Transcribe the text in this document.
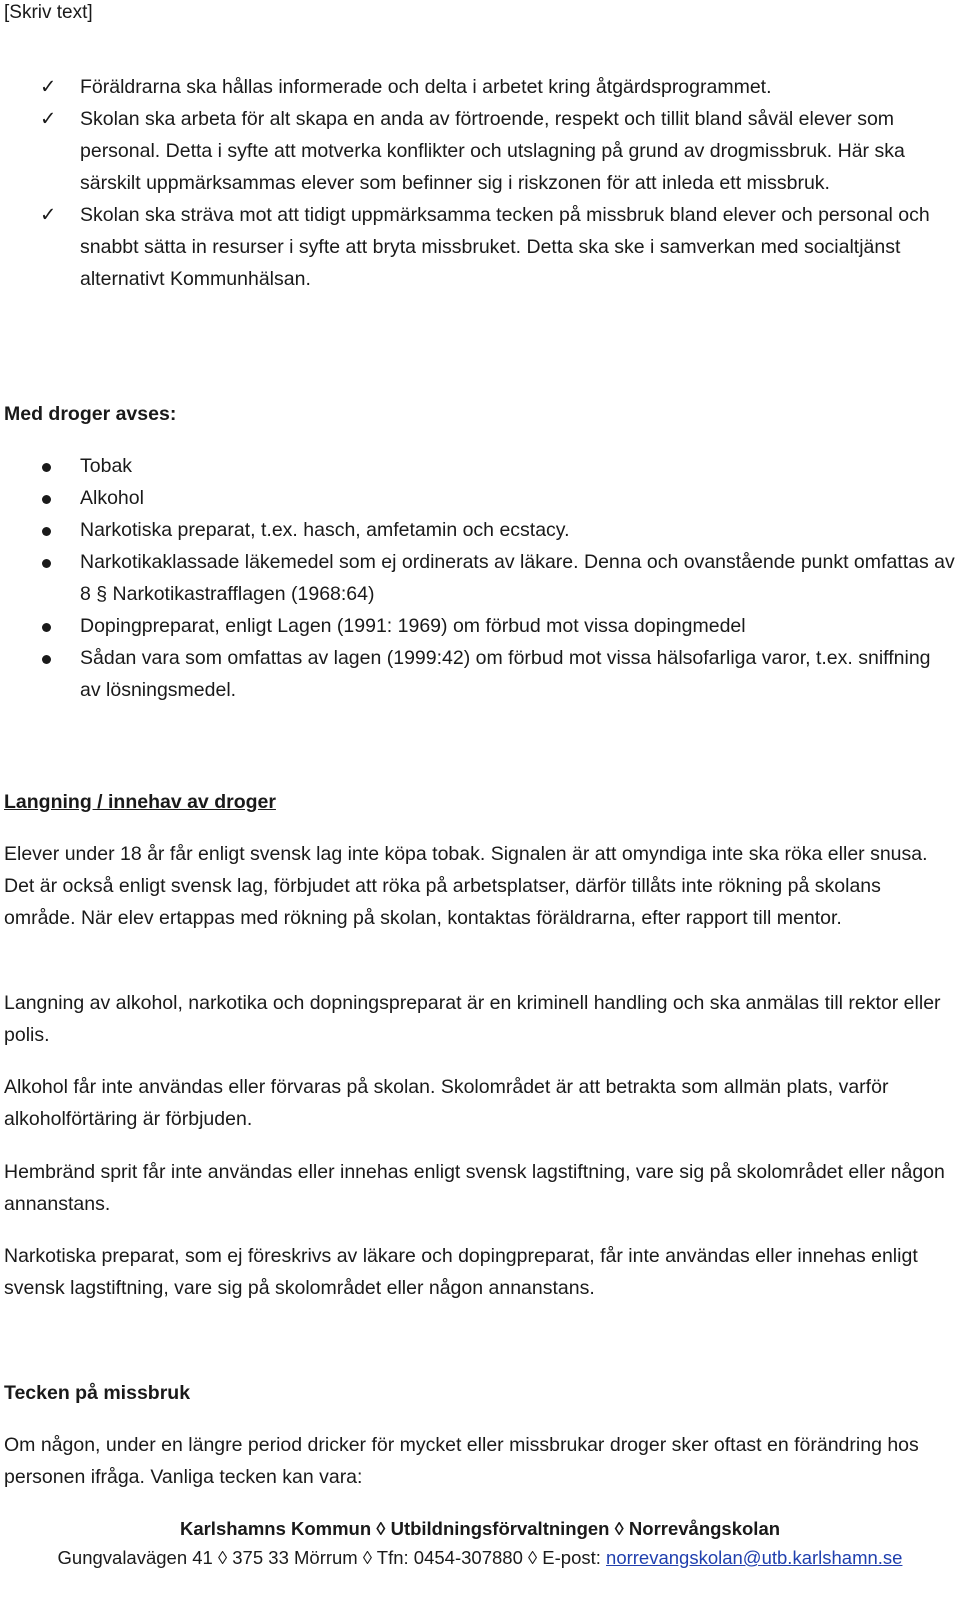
[Skriv text]
✓	Föräldrarna ska hållas informerade och delta i arbetet kring åtgärdsprogrammet.
✓	Skolan ska arbeta för alt skapa en anda av förtroende, respekt och tillit bland såväl elever som personal. Detta i syfte att motverka konflikter och utslagning på grund av drogmissbruk. Här ska särskilt uppmärksammas elever som befinner sig i riskzonen för att inleda ett missbruk.
✓	Skolan ska sträva mot att tidigt uppmärksamma tecken på missbruk bland elever och personal och snabbt sätta in resurser i syfte att bryta missbruket. Detta ska ske i samverkan med socialtjänst alternativt Kommunhälsan.
Med droger avses:
Tobak
Alkohol
Narkotiska preparat, t.ex. hasch, amfetamin och ecstacy.
Narkotikaklassade läkemedel som ej ordinerats av läkare. Denna och ovanstående punkt omfattas av 8 § Narkotikastrafflagen (1968:64)
Dopingpreparat, enligt Lagen (1991: 1969) om förbud mot vissa dopingmedel
Sådan vara som omfattas av lagen (1999:42) om förbud mot vissa hälsofarliga varor, t.ex. sniffning av lösningsmedel.
Langning / innehav av droger

Elever under 18 år får enligt svensk lag inte köpa tobak. Signalen är att omyndiga inte ska röka eller snusa. Det är också enligt svensk lag, förbjudet att röka på arbetsplatser, därför tillåts inte rökning på skolans område. När elev ertappas med rökning på skolan, kontaktas föräldrarna, efter rapport till mentor.

Langning av alkohol, narkotika och dopningspreparat är en kriminell handling och ska anmälas till rektor eller polis.

Alkohol får inte användas eller förvaras på skolan. Skolområdet är att betrakta som allmän plats, varför alkoholförtäring är förbjuden.

Hembränd sprit får inte användas eller innehas enligt svensk lagstiftning, vare sig på skolområdet eller någon annanstans.

Narkotiska preparat, som ej föreskrivs av läkare och dopingpreparat, får inte användas eller innehas enligt svensk lagstiftning, vare sig på skolområdet eller någon annanstans.

Tecken på missbruk

Om någon, under en längre period dricker för mycket eller missbrukar droger sker oftast en förändring hos personen ifråga. Vanliga tecken kan vara:

Karlshamns Kommun ◊ Utbildningsförvaltningen ◊ Norrevångskolan
Gungvalavägen 41 ◊ 375 33 Mörrum ◊ Tfn: 0454-307880 ◊ E-post: norrevangskolan@utb.karlshamn.se
